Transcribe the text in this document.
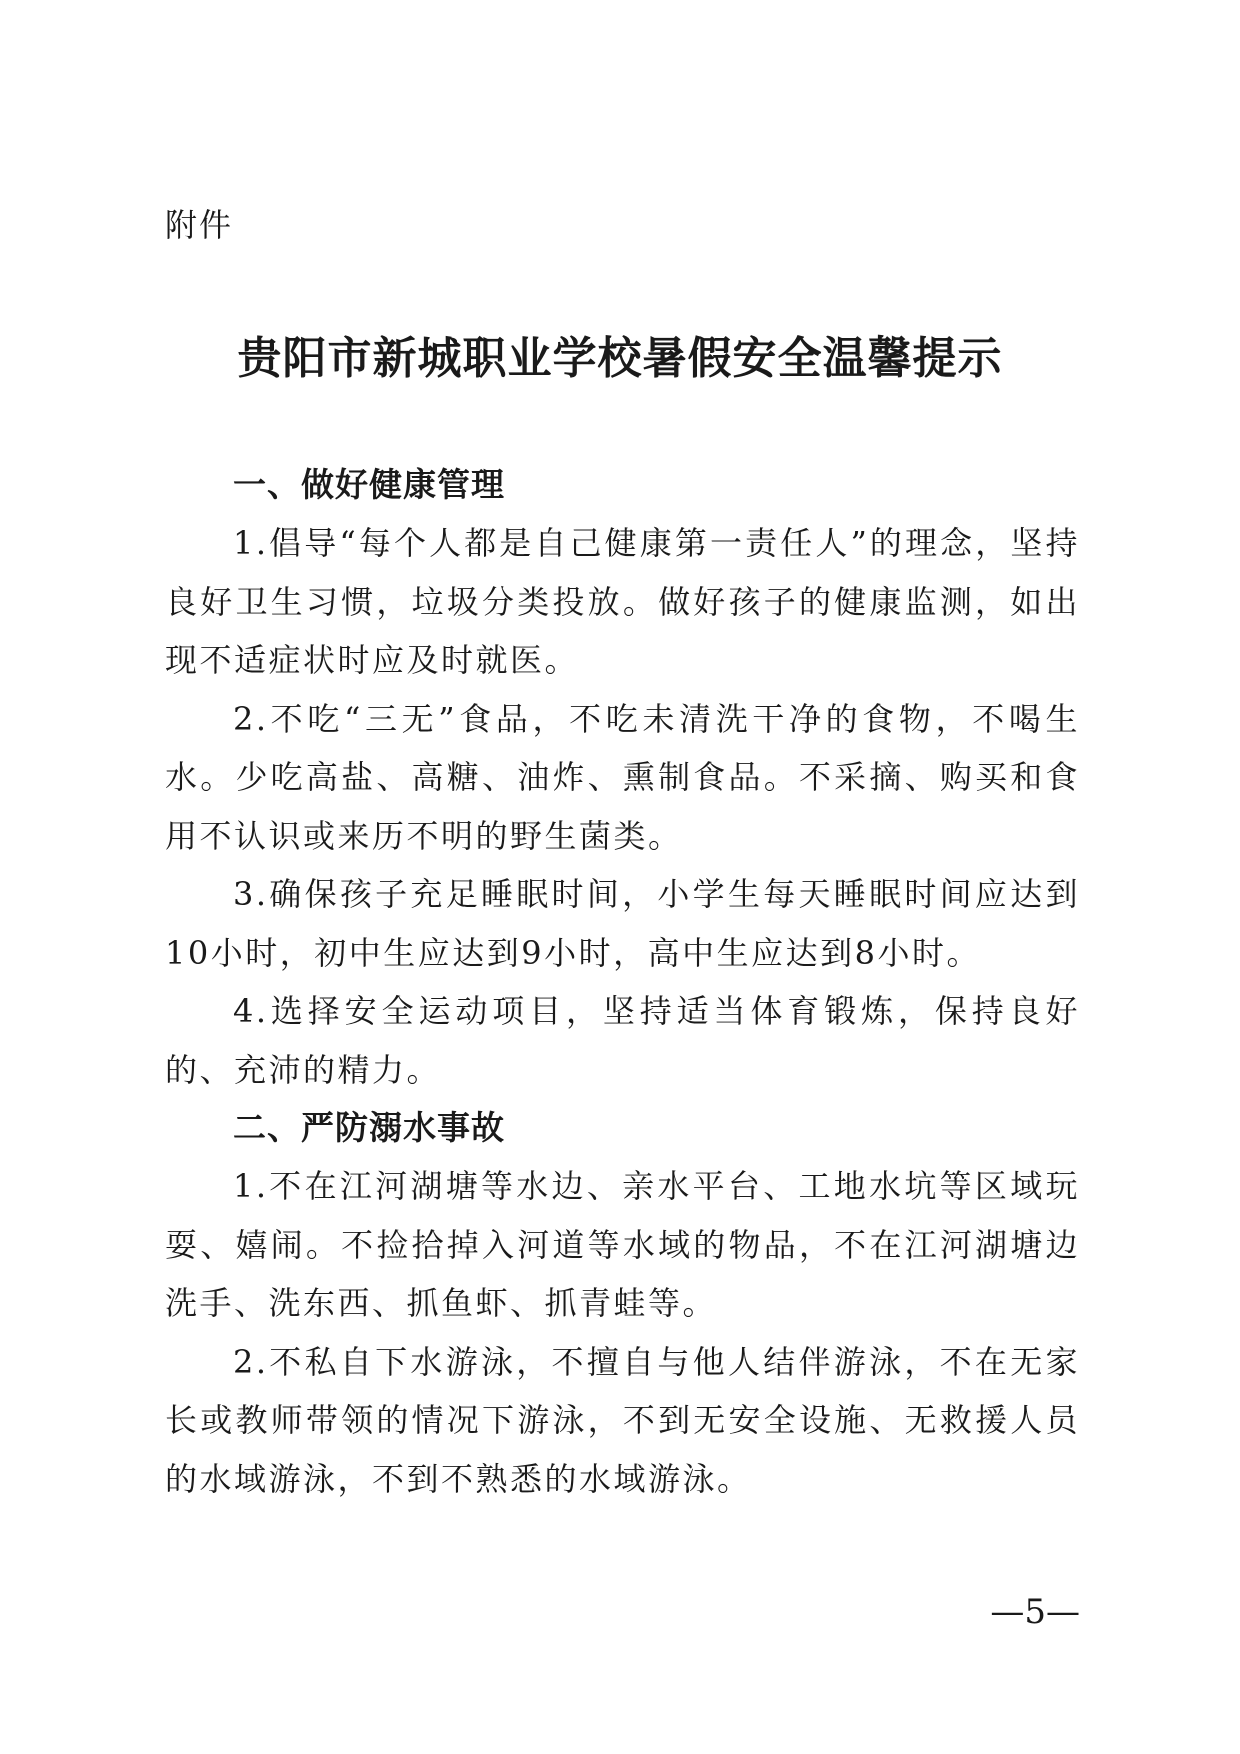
附件
贵阳市新城职业学校暑假安全温馨提示
一、做好健康管理

1.倡导“每个人都是自己健康第一责任人”的理念，坚持良好卫生习惯，垃圾分类投放。做好孩子的健康监测，如出现不适症状时应及时就医。

2.不吃“三无”食品，不吃未清洗干净的食物，不喝生水。少吃高盐、高糖、油炸、熏制食品。不采摘、购买和食用不认识或来历不明的野生菌类。

3.确保孩子充足睡眠时间，小学生每天睡眠时间应达到10小时，初中生应达到9小时，高中生应达到8小时。

4.选择安全运动项目，坚持适当体育锻炼，保持良好的、充沛的精力。

二、严防溺水事故

1.不在江河湖塘等水边、亲水平台、工地水坑等区域玩耍、嬉闹。不捡拾掉入河道等水域的物品，不在江河湖塘边洗手、洗东西、抓鱼虾、抓青蛙等。

2.不私自下水游泳，不擅自与他人结伴游泳，不在无家长或教师带领的情况下游泳，不到无安全设施、无救援人员的水域游泳，不到不熟悉的水域游泳。

—5—
